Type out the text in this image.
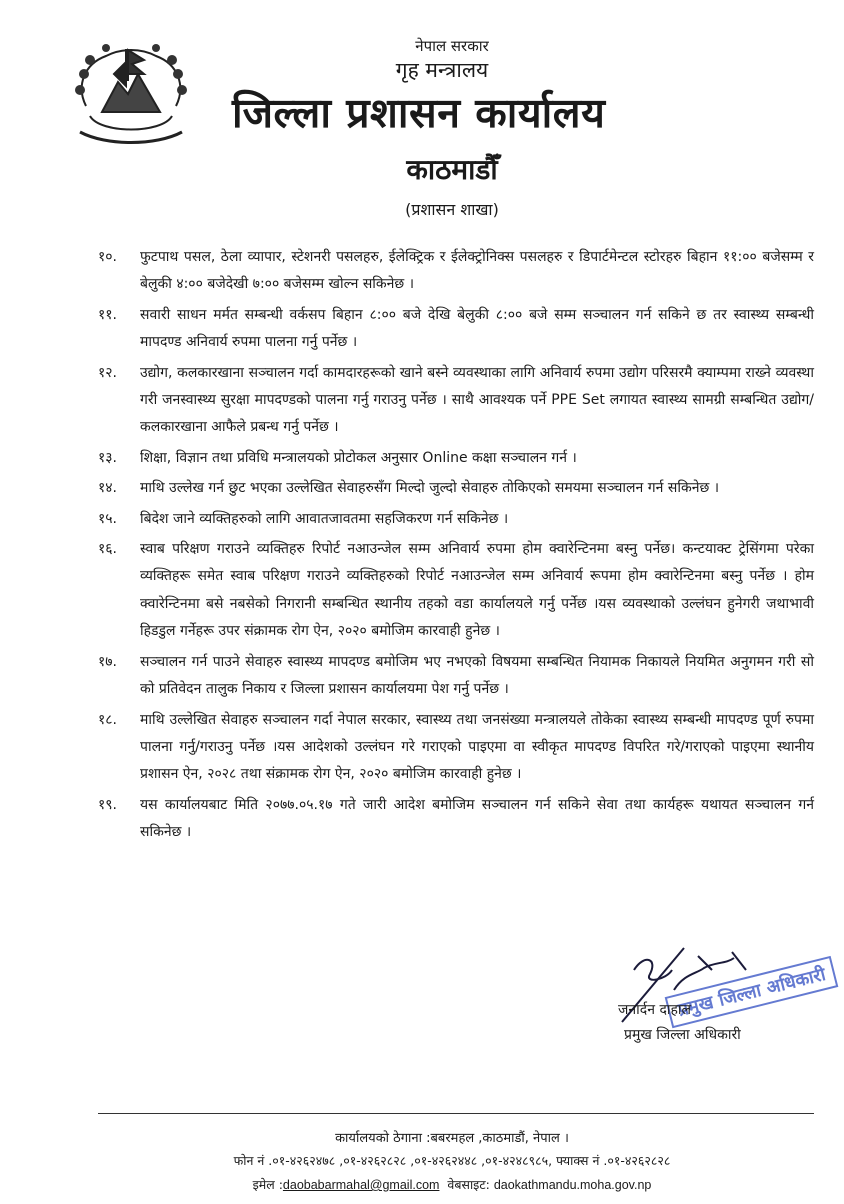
नेपाल सरकार
गृह मन्त्रालय
जिल्ला प्रशासन कार्यालय
काठमाडौँ
(प्रशासन शाखा)
१०.	फुटपाथ पसल, ठेला व्यापार, स्टेशनरी पसलहरु, ईलेक्ट्रिक र ईलेक्ट्रोनिक्स पसलहरु र डिपार्टमेन्टल स्टोरहरु बिहान ११:०० बजेसम्म र बेलुकी ४:०० बजेदेखी ७:०० बजेसम्म खोल्न सकिनेछ ।
११.	सवारी साधन मर्मत सम्बन्धी वर्कसप बिहान ८:०० बजे देखि बेलुकी ८:०० बजे सम्म सञ्चालन गर्न सकिने छ तर स्वास्थ्य सम्बन्धी मापदण्ड अनिवार्य रुपमा पालना गर्नु पर्नेछ ।
१२.	उद्योग, कलकारखाना सञ्चालन गर्दा कामदारहरूको खाने बस्ने व्यवस्थाका लागि अनिवार्य रुपमा उद्योग परिसरमै क्याम्पमा राख्ने व्यवस्था गरी जनस्वास्थ्य सुरक्षा मापदण्डको पालना गर्नु गराउनु पर्नेछ । साथै आवश्यक पर्ने PPE Set लगायत स्वास्थ्य सामग्री सम्बन्धित उद्योग/कलकारखाना आफैले प्रबन्ध गर्नु पर्नेछ ।
१३.	शिक्षा, विज्ञान तथा प्रविधि मन्त्रालयको प्रोटोकल अनुसार Online कक्षा सञ्चालन गर्न ।
१४.	माथि उल्लेख गर्न छुट भएका उल्लेखित सेवाहरुसँग मिल्दो जुल्दो सेवाहरु तोकिएको समयमा सञ्चालन गर्न सकिनेछ ।
१५.	बिदेश जाने व्यक्तिहरुको लागि आवातजावतमा सहजिकरण गर्न सकिनेछ ।
१६.	स्वाब परिक्षण गराउने व्यक्तिहरु रिपोर्ट नआउन्जेल सम्म अनिवार्य रुपमा होम क्वारेन्टिनमा बस्नु पर्नेछ। कन्टयाक्ट ट्रेसिंगमा परेका व्यक्तिहरू समेत स्वाब परिक्षण गराउने व्यक्तिहरुको रिपोर्ट नआउन्जेल सम्म अनिवार्य रूपमा होम क्वारेन्टिनमा बस्नु पर्नेछ । होम क्वारेन्टिनमा बसे नबसेको निगरानी सम्बन्धित स्थानीय तहको वडा कार्यालयले गर्नु पर्नेछ ।यस व्यवस्थाको उल्लंघन हुनेगरी जथाभावी हिडडुल गर्नेहरू उपर संक्रामक रोग ऐन, २०२० बमोजिम कारवाही हुनेछ ।
१७.	सञ्चालन गर्न पाउने सेवाहरु स्वास्थ्य मापदण्ड बमोजिम भए नभएको विषयमा सम्बन्धित नियामक निकायले नियमित अनुगमन गरी सो को प्रतिवेदन तालुक निकाय र जिल्ला प्रशासन कार्यालयमा पेश गर्नु पर्नेछ ।
१८.	माथि उल्लेखित सेवाहरु सञ्चालन गर्दा नेपाल सरकार, स्वास्थ्य तथा जनसंख्या मन्त्रालयले तोकेका स्वास्थ्य सम्बन्धी मापदण्ड पूर्ण रुपमा पालना गर्नु/गराउनु पर्नेछ ।यस आदेशको उल्लंघन गरे गराएको पाइएमा वा स्वीकृत मापदण्ड विपरित गरे/गराएको पाइएमा स्थानीय प्रशासन ऐन, २०२८ तथा संक्रामक रोग ऐन, २०२० बमोजिम कारवाही हुनेछ ।
१९.	यस कार्यालयबाट मिति २०७७.०५.१७ गते जारी आदेश बमोजिम सञ्चालन गर्न सकिने सेवा तथा कार्यहरू यथायत सञ्चालन गर्न सकिनेछ ।
प्रमुख जिल्ला अधिकारी
जनार्दन दाहाल
प्रमुख जिल्ला अधिकारी
कार्यालयको ठेगाना :बबरमहल ,काठमाडौं, नेपाल ।
फोन नं .०१-४२६२४७८ ,०१-४२६२८२८ ,०१-४२६२४४८ ,०१-४२४८९८५, फ्याक्स नं .०१-४२६२८२८
इमेल :daobabarmahal@gmail.com वेबसाइट: daokathmandu.moha.gov.np
